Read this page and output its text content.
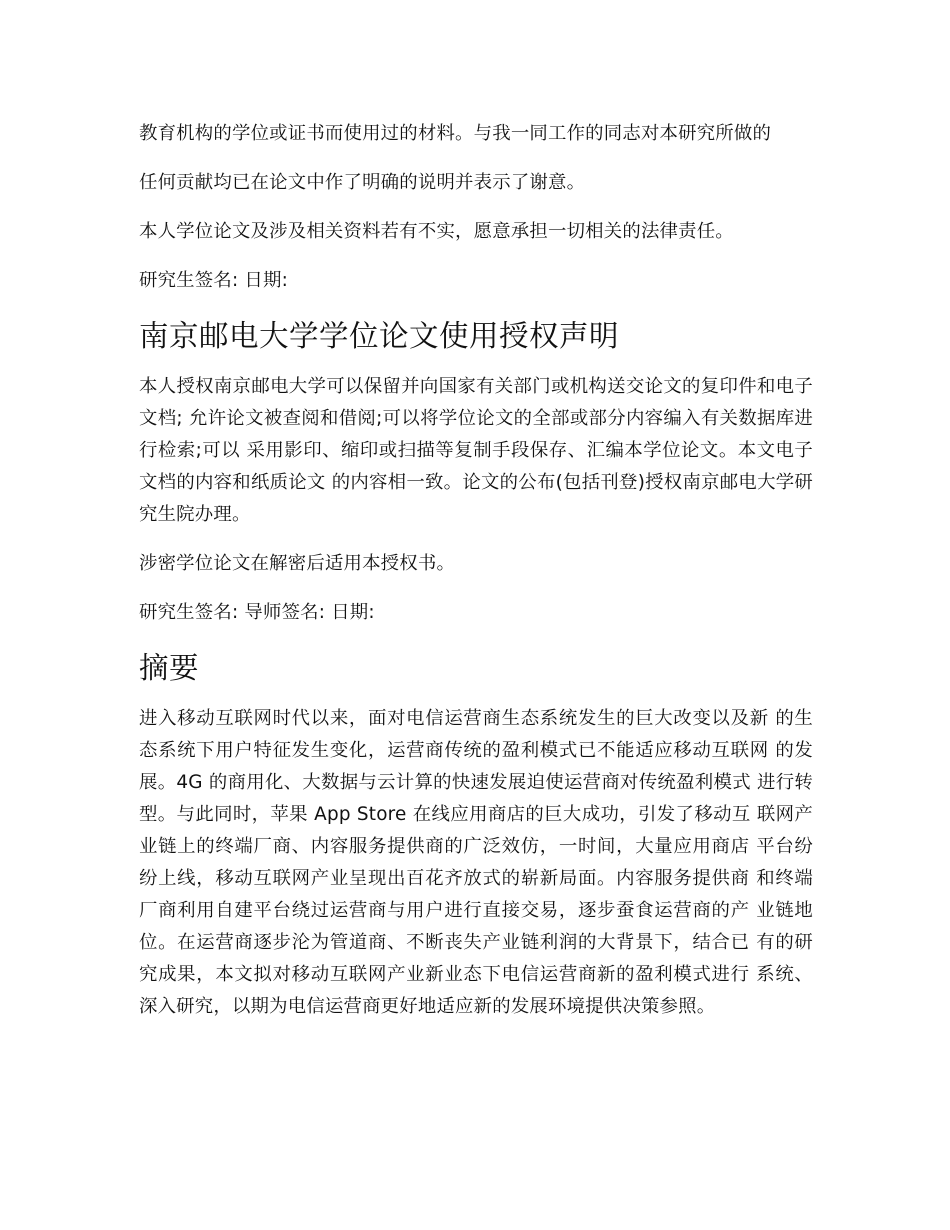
教育机构的学位或证书而使用过的材料。与我一同工作的同志对本研究所做的

任何贡献均已在论文中作了明确的说明并表示了谢意。

本人学位论文及涉及相关资料若有不实，愿意承担一切相关的法律责任。

研究生签名: 日期:

南京邮电大学学位论文使用授权声明

本人授权南京邮电大学可以保留并向国家有关部门或机构送交论文的复印件和电子文档; 允许论文被查阅和借阅;可以将学位论文的全部或部分内容编入有关数据库进行检索;可以 采用影印、缩印或扫描等复制手段保存、汇编本学位论文。本文电子文档的内容和纸质论文 的内容相一致。论文的公布(包括刊登)授权南京邮电大学研究生院办理。

涉密学位论文在解密后适用本授权书。

研究生签名: 导师签名: 日期:

摘要

进入移动互联网时代以来，面对电信运营商生态系统发生的巨大改变以及新 的生态系统下用户特征发生变化，运营商传统的盈利模式已不能适应移动互联网 的发展。4G 的商用化、大数据与云计算的快速发展迫使运营商对传统盈利模式 进行转型。与此同时，苹果 App Store 在线应用商店的巨大成功，引发了移动互 联网产业链上的终端厂商、内容服务提供商的广泛效仿，一时间，大量应用商店 平台纷纷上线，移动互联网产业呈现出百花齐放式的崭新局面。内容服务提供商 和终端厂商利用自建平台绕过运营商与用户进行直接交易，逐步蚕食运营商的产 业链地位。在运营商逐步沦为管道商、不断丧失产业链利润的大背景下，结合已 有的研究成果，本文拟对移动互联网产业新业态下电信运营商新的盈利模式进行 系统、深入研究，以期为电信运营商更好地适应新的发展环境提供决策参照。
